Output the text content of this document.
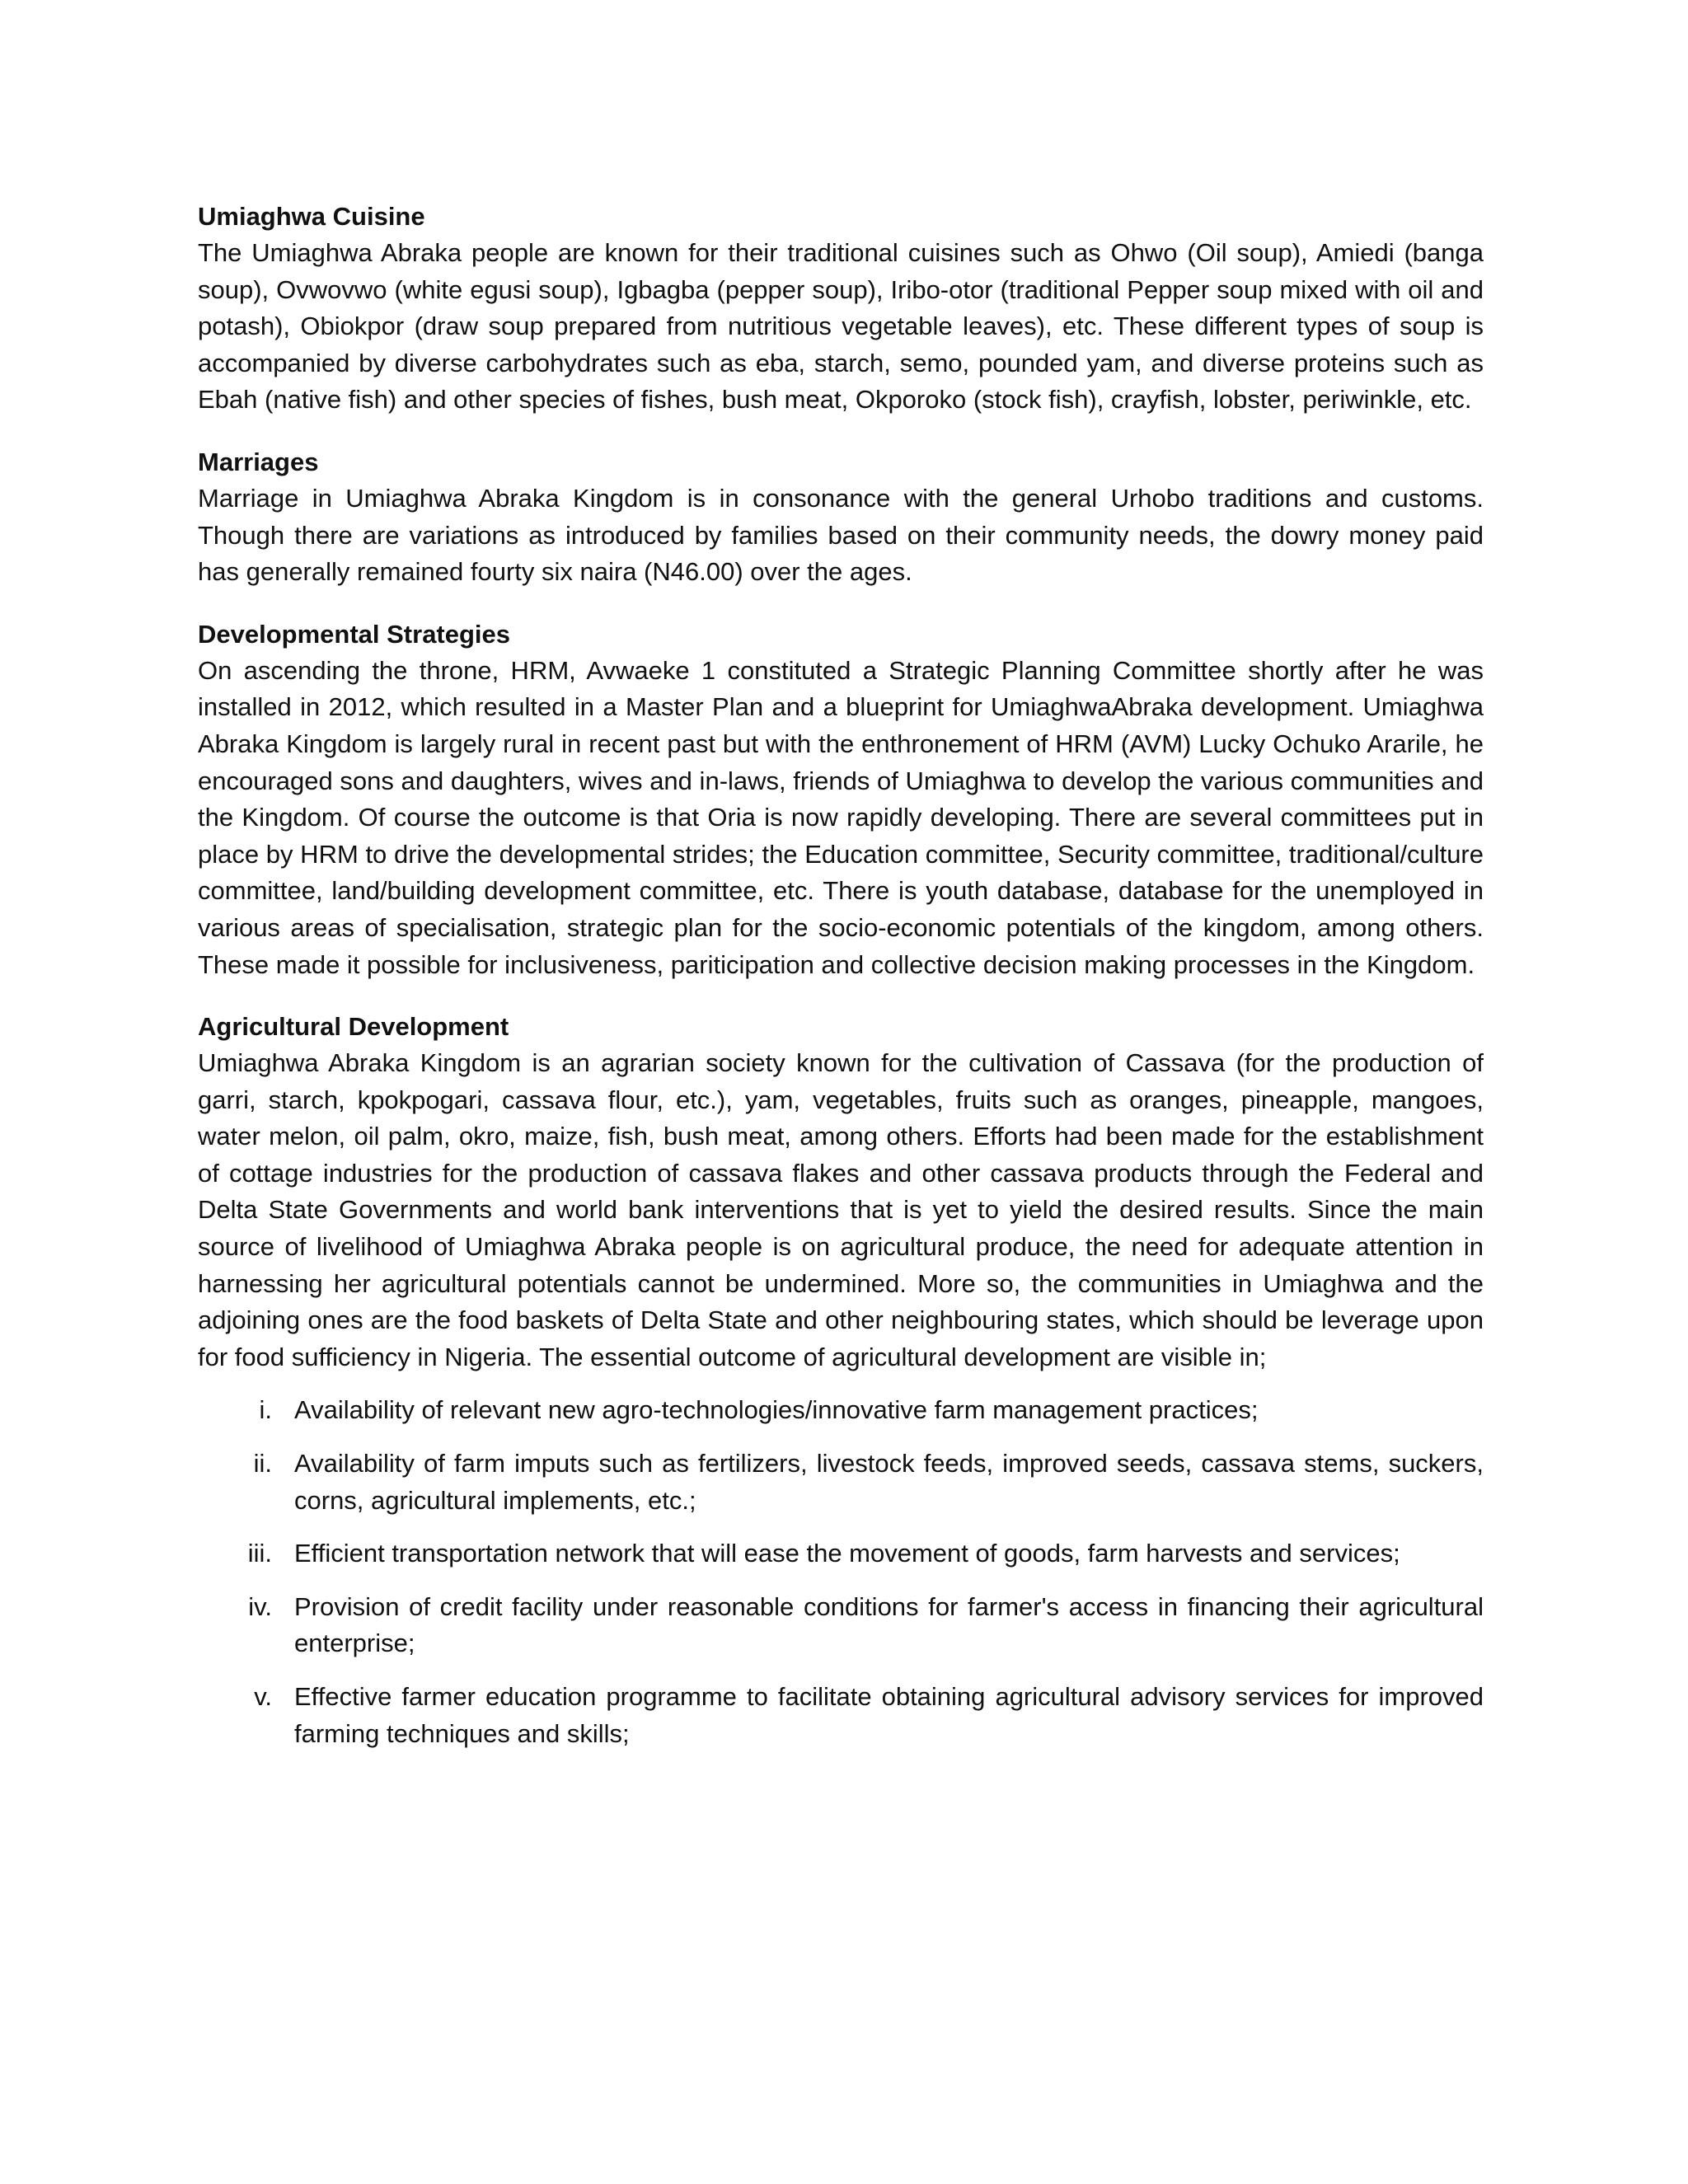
Umiaghwa Cuisine

The Umiaghwa Abraka people are known for their traditional cuisines such as Ohwo (Oil soup), Amiedi (banga soup), Ovwovwo (white egusi soup), Igbagba (pepper soup), Iribo-otor (traditional Pepper soup mixed with oil and potash), Obiokpor (draw soup prepared from nutritious vegetable leaves), etc. These different types of soup is accompanied by diverse carbohydrates such as eba, starch, semo, pounded yam, and diverse proteins such as Ebah (native fish) and other species of fishes, bush meat, Okporoko (stock fish), crayfish, lobster, periwinkle, etc.

Marriages

Marriage in Umiaghwa Abraka Kingdom is in consonance with the general Urhobo traditions and customs. Though there are variations as introduced by families based on their community needs, the dowry money paid has generally remained fourty six naira (N46.00) over the ages.

Developmental Strategies

On ascending the throne, HRM, Avwaeke 1 constituted a Strategic Planning Committee shortly after he was installed in 2012, which resulted in a Master Plan and a blueprint for UmiaghwaAbraka development. Umiaghwa Abraka Kingdom is largely rural in recent past but with the enthronement of HRM (AVM) Lucky Ochuko Ararile, he encouraged sons and daughters, wives and in-laws, friends of Umiaghwa to develop the various communities and the Kingdom. Of course the outcome is that Oria is now rapidly developing. There are several committees put in place by HRM to drive the developmental strides; the Education committee, Security committee, traditional/culture committee, land/building development committee, etc. There is youth database, database for the unemployed in various areas of specialisation, strategic plan for the socio-economic potentials of the kingdom, among others. These made it possible for inclusiveness, pariticipation and collective decision making processes in the Kingdom.

Agricultural Development

Umiaghwa Abraka Kingdom is an agrarian society known for the cultivation of Cassava (for the production of garri, starch, kpokpogari, cassava flour, etc.), yam, vegetables, fruits such as oranges, pineapple, mangoes, water melon, oil palm, okro, maize, fish, bush meat, among others. Efforts had been made for the establishment of cottage industries for the production of cassava flakes and other cassava products through the Federal and Delta State Governments and world bank interventions that is yet to yield the desired results. Since the main source of livelihood of Umiaghwa Abraka people is on agricultural produce, the need for adequate attention in harnessing her agricultural potentials cannot be undermined. More so, the communities in Umiaghwa and the adjoining ones are the food baskets of Delta State and other neighbouring states, which should be leverage upon for food sufficiency in Nigeria. The essential outcome of agricultural development are visible in;

i. Availability of relevant new agro-technologies/innovative farm management practices;
ii. Availability of farm imputs such as fertilizers, livestock feeds, improved seeds, cassava stems, suckers, corns, agricultural implements, etc.;
iii. Efficient transportation network that will ease the movement of goods, farm harvests and services;
iv. Provision of credit facility under reasonable conditions for farmer's access in financing their agricultural enterprise;
v. Effective farmer education programme to facilitate obtaining agricultural advisory services for improved farming techniques and skills;
